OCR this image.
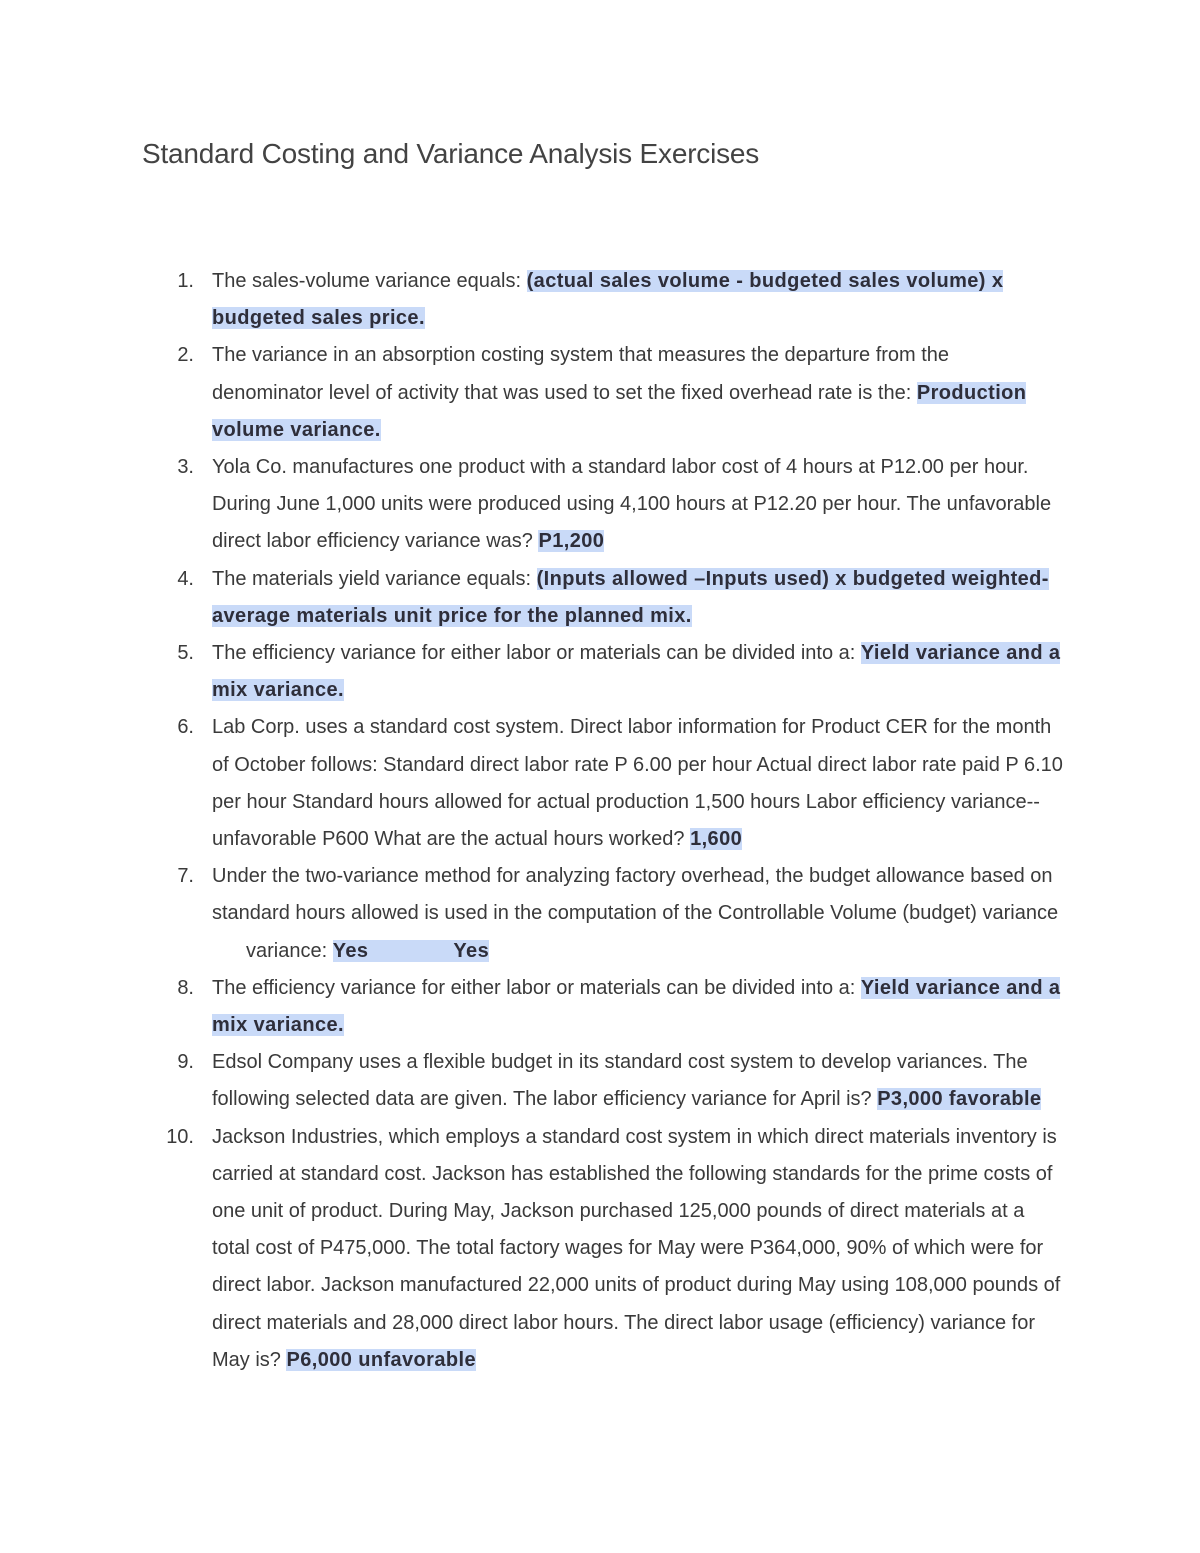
Standard Costing and Variance Analysis Exercises
1. The sales-volume variance equals: (actual sales volume - budgeted sales volume) x budgeted sales price.
2. The variance in an absorption costing system that measures the departure from the denominator level of activity that was used to set the fixed overhead rate is the: Production volume variance.
3. Yola Co. manufactures one product with a standard labor cost of 4 hours at P12.00 per hour. During June 1,000 units were produced using 4,100 hours at P12.20 per hour. The unfavorable direct labor efficiency variance was? P1,200
4. The materials yield variance equals: (Inputs allowed –Inputs used) x budgeted weighted-average materials unit price for the planned mix.
5. The efficiency variance for either labor or materials can be divided into a: Yield variance and a mix variance.
6. Lab Corp. uses a standard cost system. Direct labor information for Product CER for the month of October follows: Standard direct labor rate P 6.00 per hour Actual direct labor rate paid P 6.10 per hour Standard hours allowed for actual production 1,500 hours Labor efficiency variance--unfavorable P600 What are the actual hours worked? 1,600
7. Under the two-variance method for analyzing factory overhead, the budget allowance based on standard hours allowed is used in the computation of the Controllable Volume (budget) variancevariance: Yes	Yes
8. The efficiency variance for either labor or materials can be divided into a: Yield variance and a mix variance.
9. Edsol Company uses a flexible budget in its standard cost system to develop variances. The following selected data are given. The labor efficiency variance for April is? P3,000 favorable
10. Jackson Industries, which employs a standard cost system in which direct materials inventory is carried at standard cost. Jackson has established the following standards for the prime costs of one unit of product. During May, Jackson purchased 125,000 pounds of direct materials at a total cost of P475,000. The total factory wages for May were P364,000, 90% of which were for direct labor. Jackson manufactured 22,000 units of product during May using 108,000 pounds of direct materials and 28,000 direct labor hours. The direct labor usage (efficiency) variance for May is? P6,000 unfavorable
